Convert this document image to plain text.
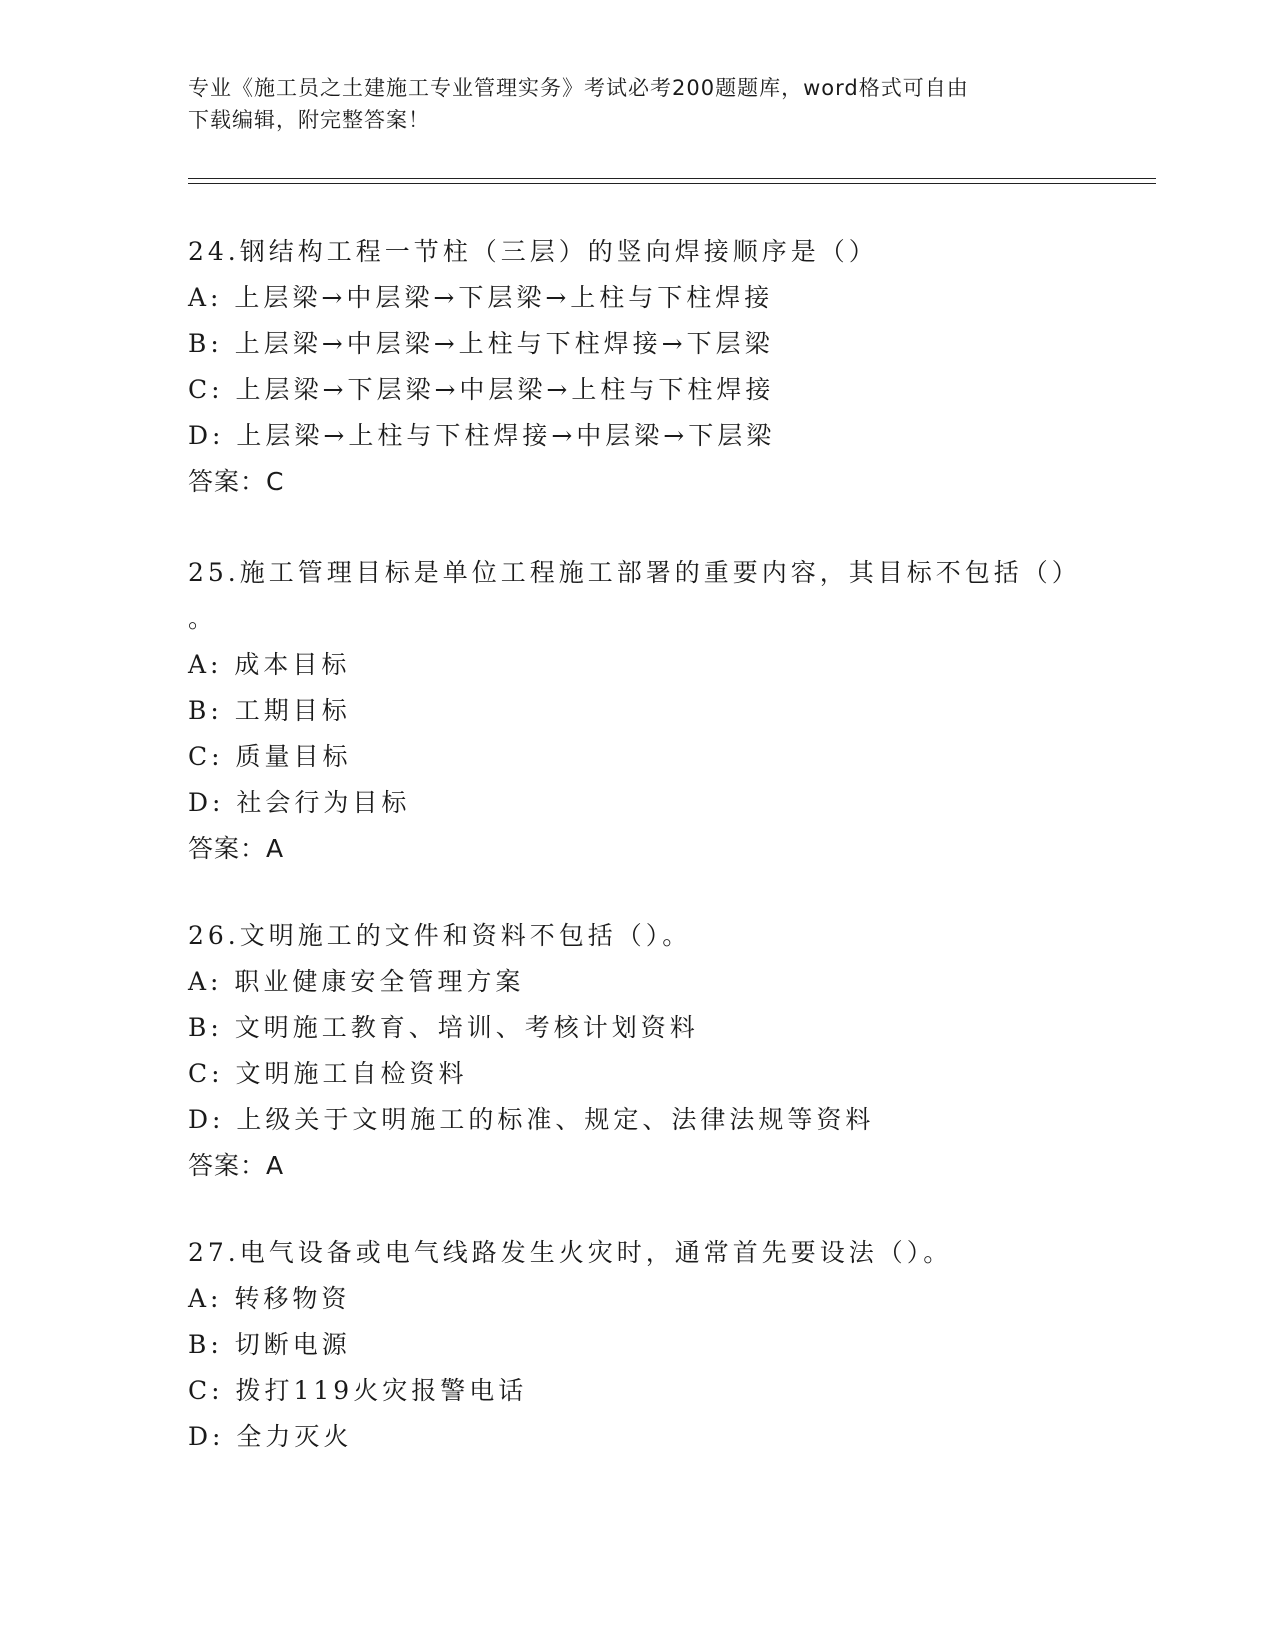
专业《施工员之土建施工专业管理实务》考试必考200题题库，word格式可自由
下载编辑，附完整答案！
24.钢结构工程一节柱（三层）的竖向焊接顺序是（）
A: 上层梁→中层梁→下层梁→上柱与下柱焊接
B: 上层梁→中层梁→上柱与下柱焊接→下层梁
C: 上层梁→下层梁→中层梁→上柱与下柱焊接
D: 上层梁→上柱与下柱焊接→中层梁→下层梁
答案：C
25.施工管理目标是单位工程施工部署的重要内容，其目标不包括（）
。
A: 成本目标
B: 工期目标
C: 质量目标
D: 社会行为目标
答案：A
26.文明施工的文件和资料不包括（）。
A: 职业健康安全管理方案
B: 文明施工教育、培训、考核计划资料
C: 文明施工自检资料
D: 上级关于文明施工的标准、规定、法律法规等资料
答案：A
27.电气设备或电气线路发生火灾时，通常首先要设法（）。
A: 转移物资
B: 切断电源
C: 拨打119火灾报警电话
D: 全力灭火
